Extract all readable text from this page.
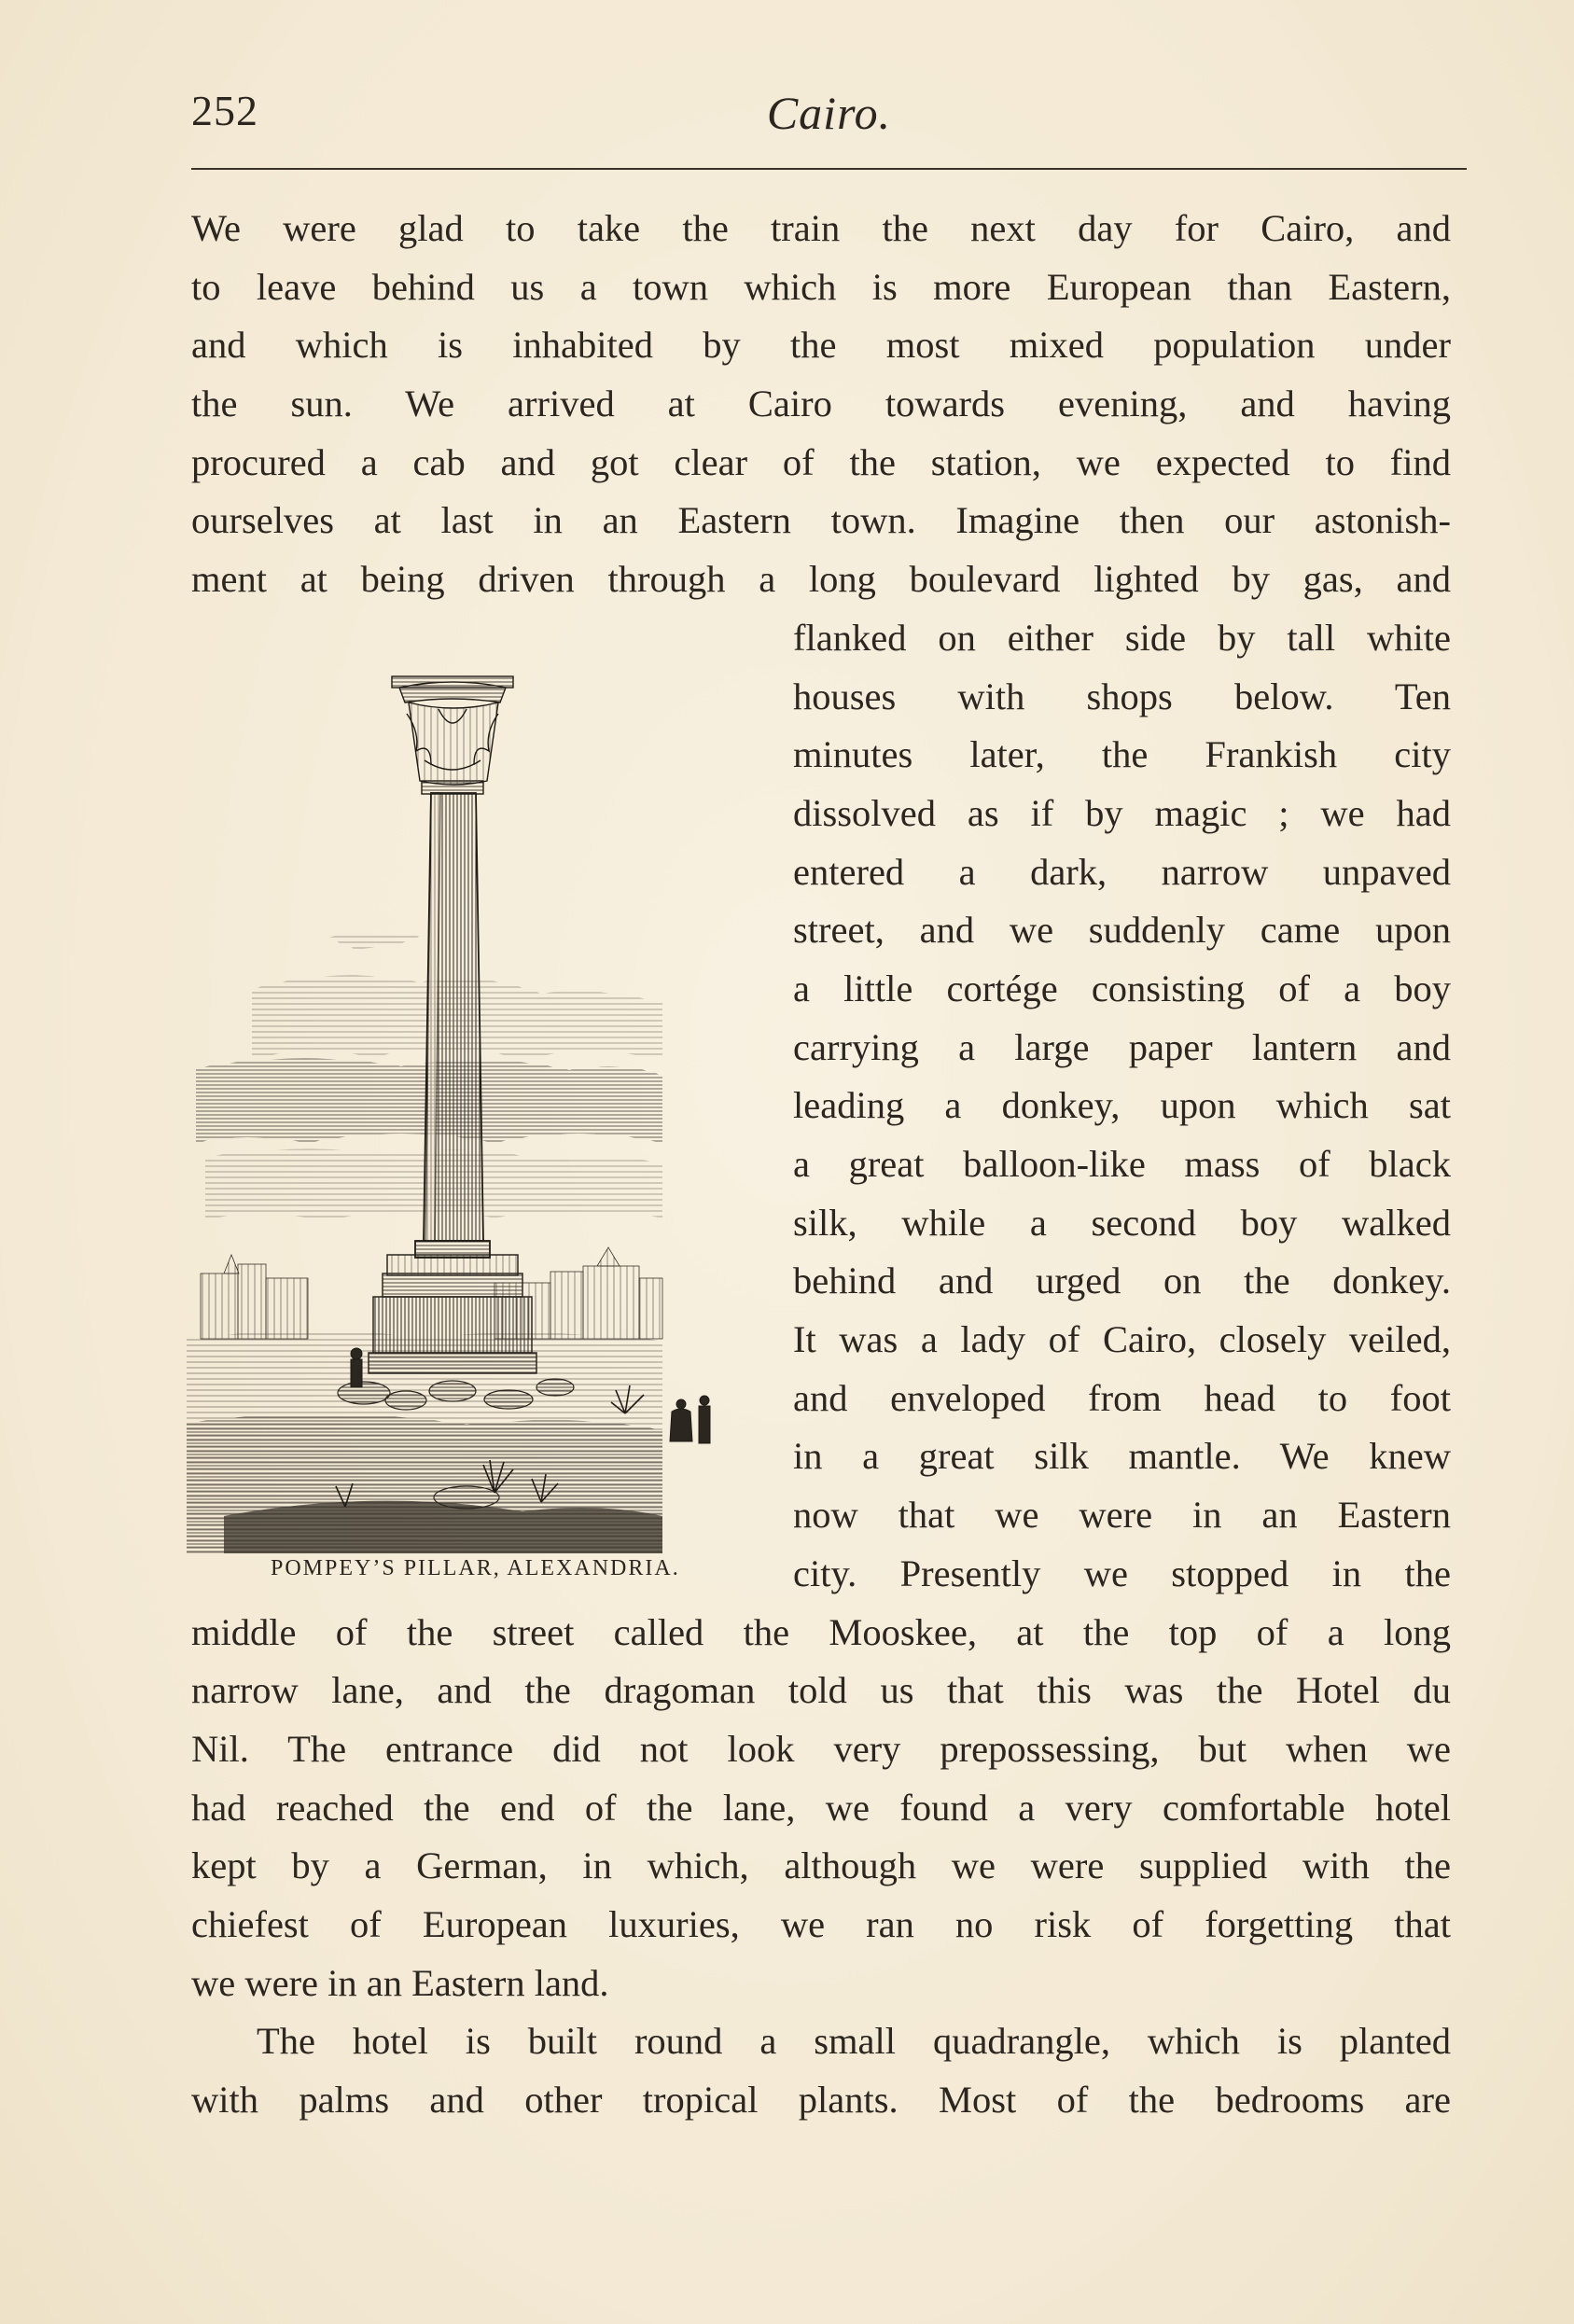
252	Cairo.
We were glad to take the train the next day for Cairo, and
to leave behind us a town which is more European than Eastern,
and which is inhabited by the most mixed population under
the sun. We arrived at Cairo towards evening, and having
procured a cab and got clear of the station, we expected to find
ourselves at last in an Eastern town. Imagine then our astonish-
ment at being driven through a long boulevard lighted by gas, and
flanked on either side by tall white
houses with shops below. Ten
minutes later, the Frankish city
dissolved as if by magic ; we had
entered a dark, narrow unpaved
street, and we suddenly came upon
a little cortége consisting of a boy
carrying a large paper lantern and
leading a donkey, upon which sat
a great balloon-like mass of black
silk, while a second boy walked
behind and urged on the donkey.
It was a lady of Cairo, closely veiled,
and enveloped from head to foot
in a great silk mantle. We knew
now that we were in an Eastern
city. Presently we stopped in the
middle of the street called the Mooskee, at the top of a long
narrow lane, and the dragoman told us that this was the Hotel du
Nil. The entrance did not look very prepossessing, but when we
had reached the end of the lane, we found a very comfortable hotel
kept by a German, in which, although we were supplied with the
chiefest of European luxuries, we ran no risk of forgetting that
we were in an Eastern land.
The hotel is built round a small quadrangle, which is planted
with palms and other tropical plants. Most of the bedrooms are
POMPEY’S PILLAR, ALEXANDRIA.
